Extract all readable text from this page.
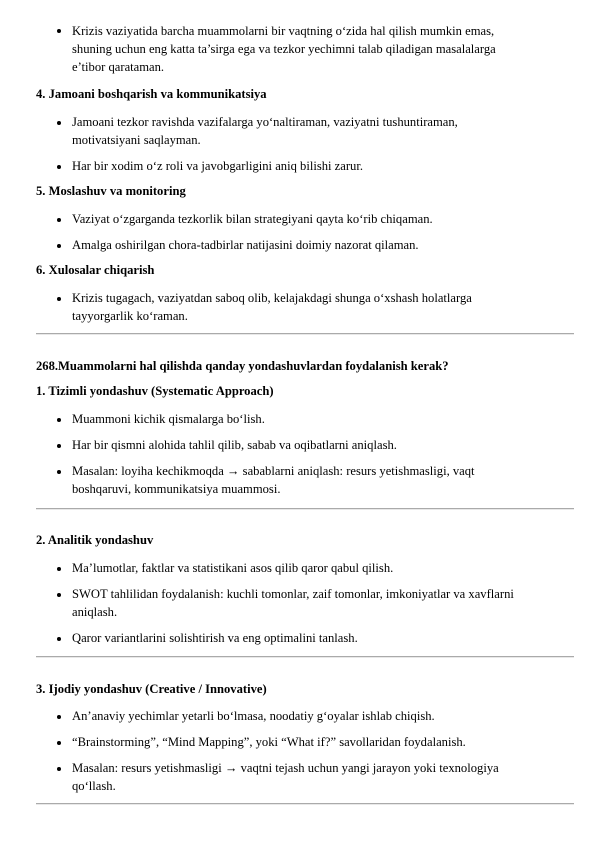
Krizis vaziyatida barcha muammolarni bir vaqtning o‘zida hal qilish mumkin emas,
shuning uchun eng katta ta’sirga ega va tezkor yechimni talab qiladigan masalalarga
e’tibor qarataman.
4. Jamoani boshqarish va kommunikatsiya
Jamoani tezkor ravishda vazifalarga yo‘naltiraman, vaziyatni tushuntiraman,
motivatsiyani saqlayman.
Har bir xodim o‘z roli va javobgarligini aniq bilishi zarur.
5. Moslashuv va monitoring
Vaziyat o‘zgarganda tezkorlik bilan strategiyani qayta ko‘rib chiqaman.
Amalga oshirilgan chora-tadbirlar natijasini doimiy nazorat qilaman.
6. Xulosalar chiqarish
Krizis tugagach, vaziyatdan saboq olib, kelajakdagi shunga o‘xshash holatlarga
tayyorgarlik ko‘raman.
268.Muammolarni hal qilishda qanday yondashuvlardan foydalanish kerak?
1. Tizimli yondashuv (Systematic Approach)
Muammoni kichik qismalarga bo‘lish.
Har bir qismni alohida tahlil qilib, sabab va oqibatlarni aniqlash.
Masalan: loyiha kechikmoqda → sabablarni aniqlash: resurs yetishmasligi, vaqt
boshqaruvi, kommunikatsiya muammosi.
2. Analitik yondashuv
Ma’lumotlar, faktlar va statistikani asos qilib qaror qabul qilish.
SWOT tahlilidan foydalanish: kuchli tomonlar, zaif tomonlar, imkoniyatlar va xavflarni
aniqlash.
Qaror variantlarini solishtirish va eng optimalini tanlash.
3. Ijodiy yondashuv (Creative / Innovative)
An’anaviy yechimlar yetarli bo‘lmasa, noodatiy g‘oyalar ishlab chiqish.
“Brainstorming”, “Mind Mapping”, yoki “What if?” savollaridan foydalanish.
Masalan: resurs yetishmasligi → vaqtni tejash uchun yangi jarayon yoki texnologiya
qo‘llash.
